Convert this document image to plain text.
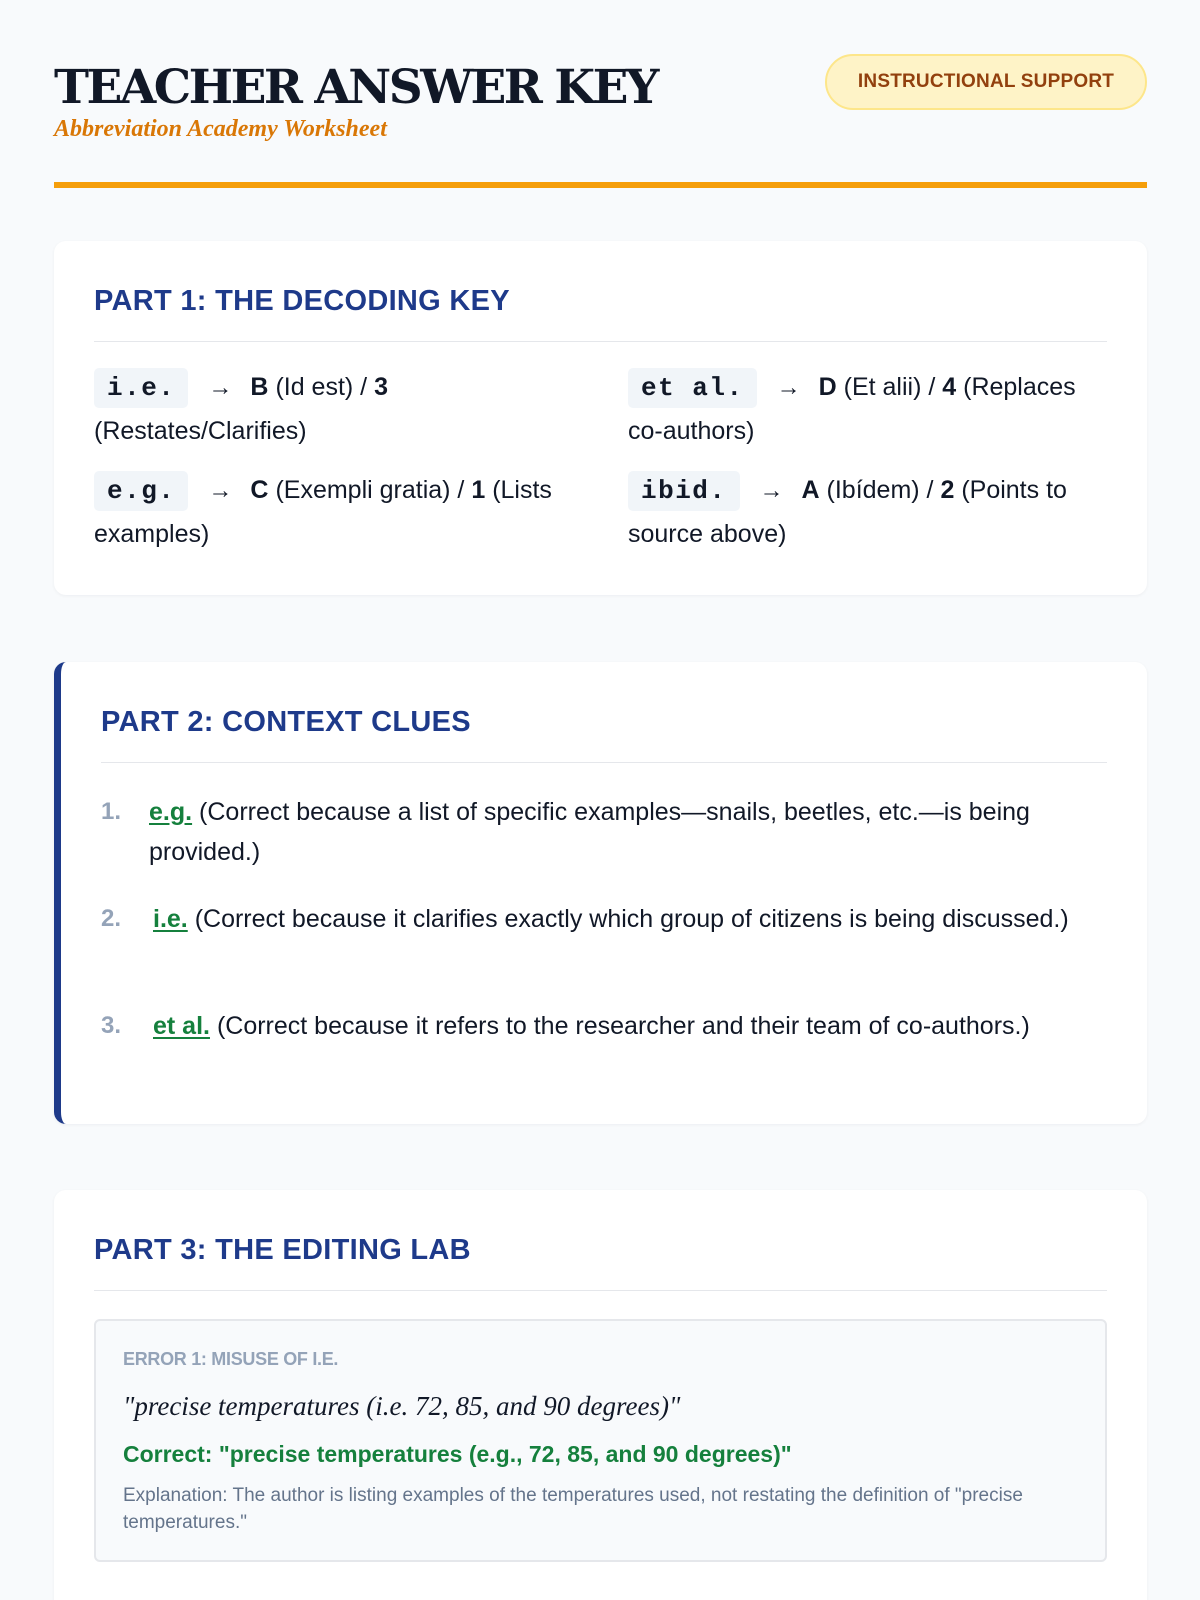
TEACHER ANSWER KEY
Abbreviation Academy Worksheet
INSTRUCTIONAL SUPPORT
PART 1: THE DECODING KEY
i.e. → B (Id est) / 3 (Restates/Clarifies)
et al. → D (Et alii) / 4 (Replaces co-authors)
e.g. → C (Exempli gratia) / 1 (Lists examples)
ibid. → A (Ibídem) / 2 (Points to source above)
PART 2: CONTEXT CLUES
1. e.g. (Correct because a list of specific examples—snails, beetles, etc.—is being provided.)
2. i.e. (Correct because it clarifies exactly which group of citizens is being discussed.)
3. et al. (Correct because it refers to the researcher and their team of co-authors.)
PART 3: THE EDITING LAB
ERROR 1: MISUSE OF I.E.
"precise temperatures (i.e. 72, 85, and 90 degrees)"
Correct: "precise temperatures (e.g., 72, 85, and 90 degrees)"
Explanation: The author is listing examples of the temperatures used, not restating the definition of "precise temperatures."
